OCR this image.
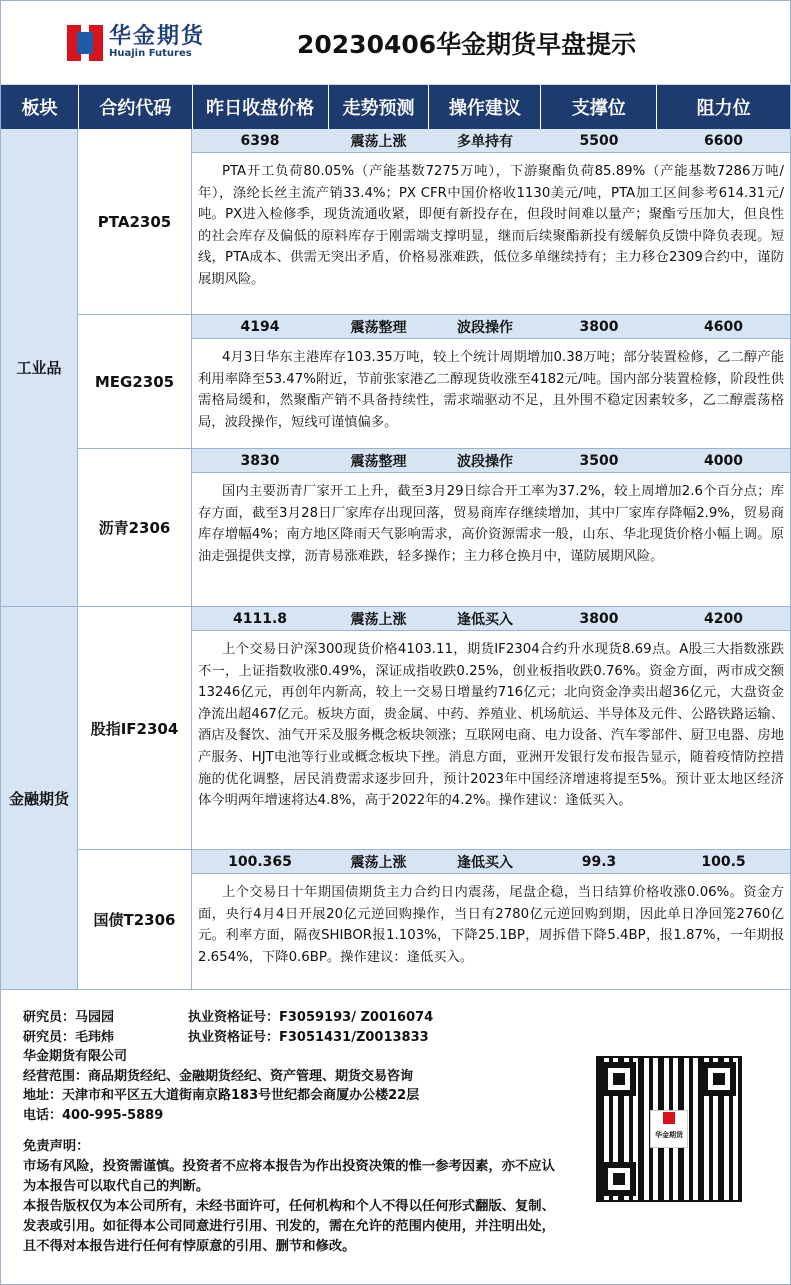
华金期货
Huajin Futures	20230406华金期货早盘提示
板块	合约代码	昨日收盘价格	走势预测	操作建议	支撑位	阻力位
工业品
PTA2305
6398	震荡上涨	多单持有	5500	6600
PTA开工负荷80.05%（产能基数7275万吨），下游聚酯负荷85.89%（产能基数7286万吨/年），涤纶长丝主流产销33.4%；PX CFR中国价格收1130美元/吨，PTA加工区间参考614.31元/吨。PX进入检修季，现货流通收紧，即便有新投存在，但段时间难以量产；聚酯亏压加大，但良性的社会库存及偏低的原料库存于刚需端支撑明显，继而后续聚酯新投有缓解负反馈中降负表现。短线，PTA成本、供需无突出矛盾，价格易涨难跌，低位多单继续持有；主力移仓2309合约中，谨防展期风险。
MEG2305
4194	震荡整理	波段操作	3800	4600
4月3日华东主港库存103.35万吨，较上个统计周期增加0.38万吨；部分装置检修，乙二醇产能利用率降至53.47%附近，节前张家港乙二醇现货收涨至4182元/吨。国内部分装置检修，阶段性供需格局缓和，然聚酯产销不具备持续性，需求端驱动不足，且外围不稳定因素较多，乙二醇震荡格局，波段操作，短线可谨慎偏多。
沥青2306
3830	震荡整理	波段操作	3500	4000
国内主要沥青厂家开工上升，截至3月29日综合开工率为37.2%，较上周增加2.6个百分点；库存方面，截至3月28日厂家库存出现回落，贸易商库存继续增加，其中厂家库存降幅2.9%，贸易商库存增幅4%；南方地区降雨天气影响需求，高价资源需求一般，山东、华北现货价格小幅上调。原油走强提供支撑，沥青易涨难跌，轻多操作；主力移仓换月中，谨防展期风险。
金融期货
股指IF2304
4111.8	震荡上涨	逢低买入	3800	4200
上个交易日沪深300现货价格4103.11，期货IF2304合约升水现货8.69点。A股三大指数涨跌不一，上证指数收涨0.49%，深证成指收跌0.25%，创业板指收跌0.76%。资金方面，两市成交额13246亿元，再创年内新高，较上一交易日增量约716亿元；北向资金净卖出超36亿元，大盘资金净流出超467亿元。板块方面，贵金属、中药、养殖业、机场航运、半导体及元件、公路铁路运输、酒店及餐饮、油气开采及服务概念板块领涨；互联网电商、电力设备、汽车零部件、厨卫电器、房地产服务、HJT电池等行业或概念板块下挫。消息方面，亚洲开发银行发布报告显示，随着疫情防控措施的优化调整，居民消费需求逐步回升，预计2023年中国经济增速将提至5%。预计亚太地区经济体今明两年增速将达4.8%，高于2022年的4.2%。操作建议：逢低买入。
国债T2306
100.365	震荡上涨	逢低买入	99.3	100.5
上个交易日十年期国债期货主力合约日内震荡，尾盘企稳，当日结算价格收涨0.06%。资金方面，央行4月4日开展20亿元逆回购操作，当日有2780亿元逆回购到期，因此单日净回笼2760亿元。利率方面，隔夜SHIBOR报1.103%，下降25.1BP，周拆借下降5.4BP，报1.87%，一年期报2.654%，下降0.6BP。操作建议：逢低买入。
研究员：马园园	执业资格证号：F3059193/ Z0016074
研究员：毛玮炜	执业资格证号：F3051431/Z0013833
华金期货有限公司
经营范围：商品期货经纪、金融期货经纪、资产管理、期货交易咨询
地址：天津市和平区五大道街南京路183号世纪都会商厦办公楼22层
电话：400-995-5889
华金期货
免责声明：
市场有风险，投资需谨慎。投资者不应将本报告为作出投资决策的惟一参考因素，亦不应认为本报告可以取代自己的判断。
本报告版权仅为本公司所有，未经书面许可，任何机构和个人不得以任何形式翻版、复制、发表或引用。如征得本公司同意进行引用、刊发的，需在允许的范围内使用，并注明出处，且不得对本报告进行任何有悖原意的引用、删节和修改。
